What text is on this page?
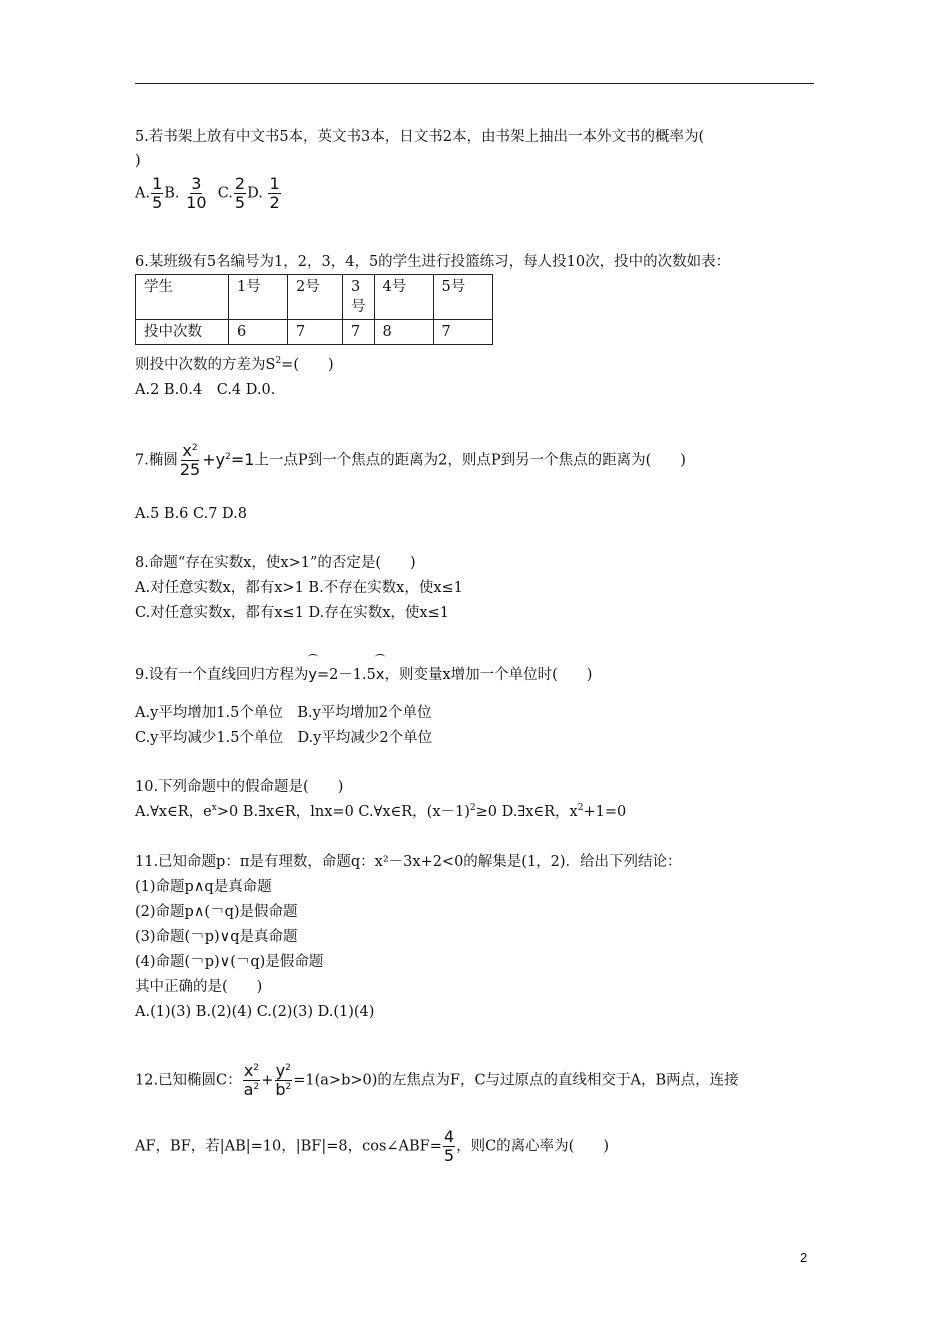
5.若书架上放有中文书5本，英文书3本，日文书2本，由书架上抽出一本外文书的概率为(
)
A. $\frac{1}{5} B$. $\frac{3}{10} C$. $\frac{2}{5} D$. $\frac{1}{2}$
6.某班级有5名编号为1，2，3，4，5的学生进行投篮练习，每人投10次，投中的次数如表：
学生	1号	2号	3号	4号	5号
投中次数	6	7	7	8	7
则投中次数的方差为$S^2=$(　　)
A.2 B.0.4　C.4 D.0.
7.椭圆 $\frac{x^2}{25} +y^2=1$上一点P到一个焦点的距离为2，则点P到另一个焦点的距离为(　　)
A.5 B.6 C.7 D.8
8.命题“存在实数x，使x>1”的否定是(　　)
A.对任意实数x，都有x>1 B.不存在实数x，使x≤1
C.对任意实数x，都有x≤1 D.存在实数x，使x≤1
9.设有一个直线回归方程为y=2－1.5x，则变量x增加一个单位时(　　)
A.y平均增加1.5个单位　B.y平均增加2个单位
C.y平均减少1.5个单位　D.y平均减少2个单位
10.下列命题中的假命题是(　　)
A.∀x∈R，$e^x>0$ B.∃x∈R，lnx=0 C.∀x∈R，$(x-1)^2\ge 0$ D.∃x∈R，$x^2+1=0$
11.已知命题p：π是有理数，命题q：x²－3x+2<0的解集是(1，2)．给出下列结论：
(1)命题p∧q是真命题
(2)命题p∧(￢q)是假命题
(3)命题(￢p)∨q是真命题
(4)命题(￢p)∨(￢q)是假命题
其中正确的是(　　)
A.(1)(3) B.(2)(4) C.(2)(3) D.(1)(4)
12.已知椭圆C： $\frac{x^2}{a^2} + \frac{y^2}{b^2} =1(a>b>0)$的左焦点为F，C与过原点的直线相交于A，B两点，连接
AF，BF，若|AB|=10，|BF|=8，cos∠ABF= $\frac{4}{5}$ ，则C的离心率为(　　)
2
